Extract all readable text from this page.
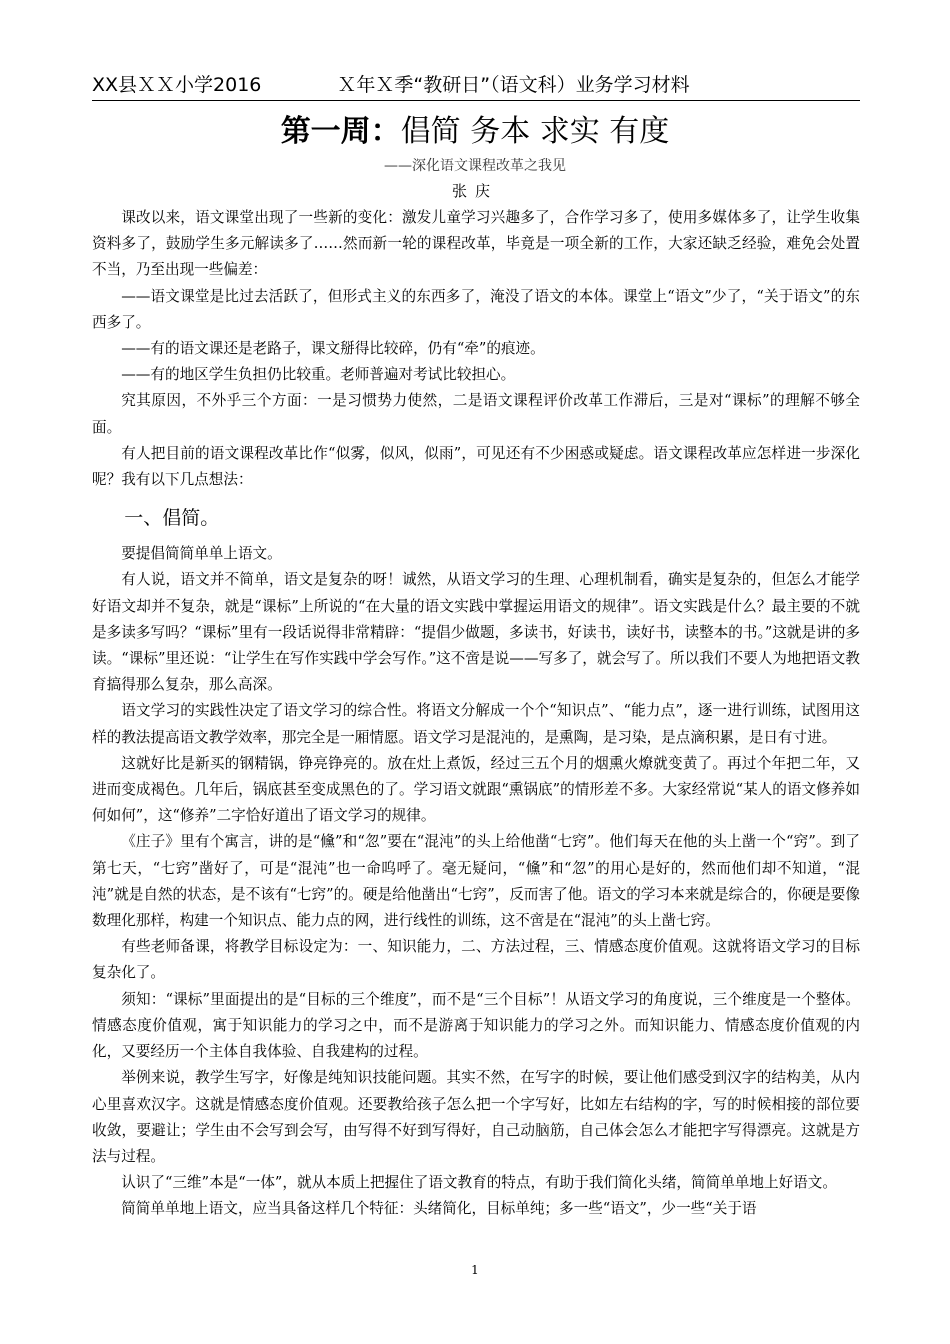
XX县ＸＸ小学2016　　　　Ｘ年Ｘ季“教研日”（语文科）业务学习材料
第一周：倡简 务本 求实 有度
——深化语文课程改革之我见
张庆

课改以来，语文课堂出现了一些新的变化：激发儿童学习兴趣多了，合作学习多了，使用多媒体多了，让学生收集资料多了，鼓励学生多元解读多了……然而新一轮的课程改革，毕竟是一项全新的工作，大家还缺乏经验，难免会处置不当，乃至出现一些偏差：

——语文课堂是比过去活跃了，但形式主义的东西多了，淹没了语文的本体。课堂上“语文”少了，“关于语文”的东西多了。

——有的语文课还是老路子，课文掰得比较碎，仍有“牵”的痕迹。

——有的地区学生负担仍比较重。老师普遍对考试比较担心。

究其原因，不外乎三个方面：一是习惯势力使然，二是语文课程评价改革工作滞后，三是对“课标”的理解不够全面。

有人把目前的语文课程改革比作“似雾，似风，似雨”，可见还有不少困惑或疑虑。语文课程改革应怎样进一步深化呢？我有以下几点想法：

一、倡简。

要提倡简简单单上语文。

有人说，语文并不简单，语文是复杂的呀！诚然，从语文学习的生理、心理机制看，确实是复杂的，但怎么才能学好语文却并不复杂，就是“课标”上所说的“在大量的语文实践中掌握运用语文的规律”。语文实践是什么？最主要的不就是多读多写吗？“课标”里有一段话说得非常精辟：“提倡少做题，多读书，好读书，读好书，读整本的书。”这就是讲的多读。“课标”里还说：“让学生在写作实践中学会写作。”这不啻是说——写多了，就会写了。所以我们不要人为地把语文教育搞得那么复杂，那么高深。

语文学习的实践性决定了语文学习的综合性。将语文分解成一个个“知识点”、“能力点”，逐一进行训练，试图用这样的教法提高语文教学效率，那完全是一厢情愿。语文学习是混沌的，是熏陶，是习染，是点滴积累，是日有寸进。

这就好比是新买的钢精锅，铮亮铮亮的。放在灶上煮饭，经过三五个月的烟熏火燎就变黄了。再过个年把二年，又进而变成褐色。几年后，锅底甚至变成黑色的了。学习语文就跟“熏锅底”的情形差不多。大家经常说“某人的语文修养如何如何”，这“修养”二字恰好道出了语文学习的规律。

《庄子》里有个寓言，讲的是“儵”和“忽”要在“混沌”的头上给他凿“七窍”。他们每天在他的头上凿一个“窍”。到了第七天，“七窍”凿好了，可是“混沌”也一命呜呼了。毫无疑问，“儵”和“忽”的用心是好的，然而他们却不知道，“混沌”就是自然的状态，是不该有“七窍”的。硬是给他凿出“七窍”，反而害了他。语文的学习本来就是综合的，你硬是要像数理化那样，构建一个知识点、能力点的网，进行线性的训练，这不啻是在“混沌”的头上凿七窍。

有些老师备课，将教学目标设定为：一、知识能力，二、方法过程，三、情感态度价值观。这就将语文学习的目标复杂化了。

须知：“课标”里面提出的是“目标的三个维度”，而不是“三个目标”！从语文学习的角度说，三个维度是一个整体。情感态度价值观，寓于知识能力的学习之中，而不是游离于知识能力的学习之外。而知识能力、情感态度价值观的内化，又要经历一个主体自我体验、自我建构的过程。

举例来说，教学生写字，好像是纯知识技能问题。其实不然，在写字的时候，要让他们感受到汉字的结构美，从内心里喜欢汉字。这就是情感态度价值观。还要教给孩子怎么把一个字写好，比如左右结构的字，写的时候相接的部位要收敛，要避让；学生由不会写到会写，由写得不好到写得好，自己动脑筋，自己体会怎么才能把字写得漂亮。这就是方法与过程。

认识了“三维”本是“一体”，就从本质上把握住了语文教育的特点，有助于我们简化头绪，简简单单地上好语文。

简简单单地上语文，应当具备这样几个特征：头绪简化，目标单纯；多一些“语文”，少一些“关于语

1
